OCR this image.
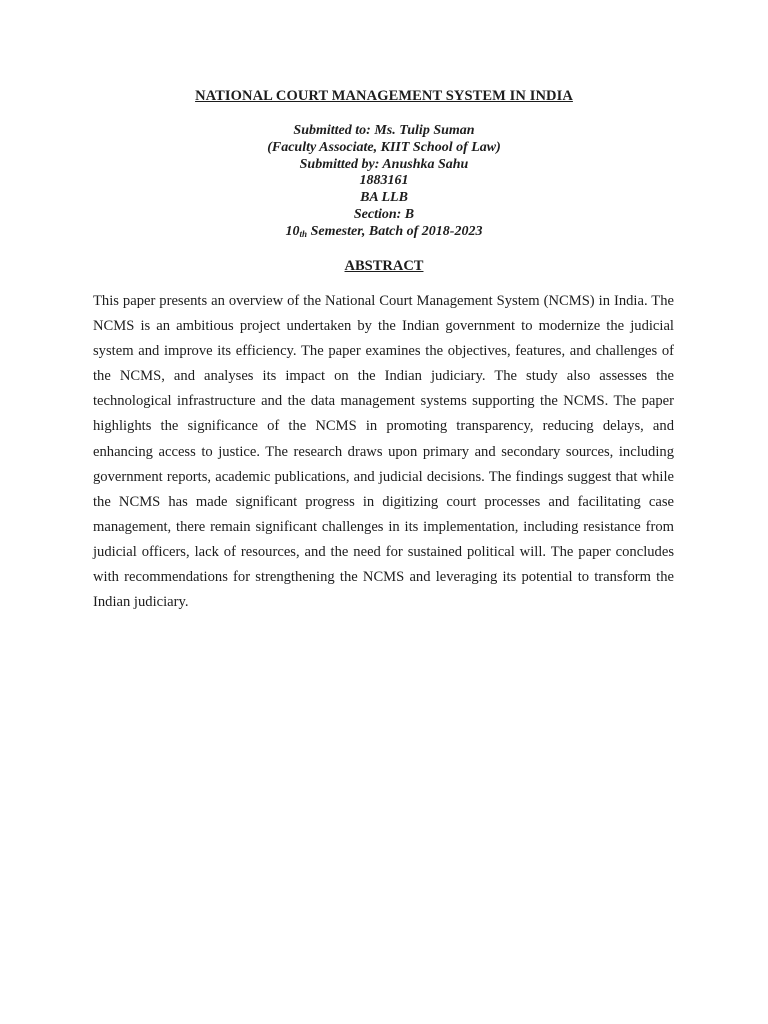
NATIONAL COURT MANAGEMENT SYSTEM IN INDIA
Submitted to: Ms. Tulip Suman
(Faculty Associate, KIIT School of Law)
Submitted by: Anushka Sahu
1883161
BA LLB
Section: B
$10_{th}$ Semester, Batch of 2018-2023
ABSTRACT

This paper presents an overview of the National Court Management System (NCMS) in India. The NCMS is an ambitious project undertaken by the Indian government to modernize the judicial system and improve its efficiency. The paper examines the objectives, features, and challenges of the NCMS, and analyses its impact on the Indian judiciary. The study also assesses the technological infrastructure and the data management systems supporting the NCMS. The paper highlights the significance of the NCMS in promoting transparency, reducing delays, and enhancing access to justice. The research draws upon primary and secondary sources, including government reports, academic publications, and judicial decisions. The findings suggest that while the NCMS has made significant progress in digitizing court processes and facilitating case management, there remain significant challenges in its implementation, including resistance from judicial officers, lack of resources, and the need for sustained political will. The paper concludes with recommendations for strengthening the NCMS and leveraging its potential to transform the Indian judiciary.
